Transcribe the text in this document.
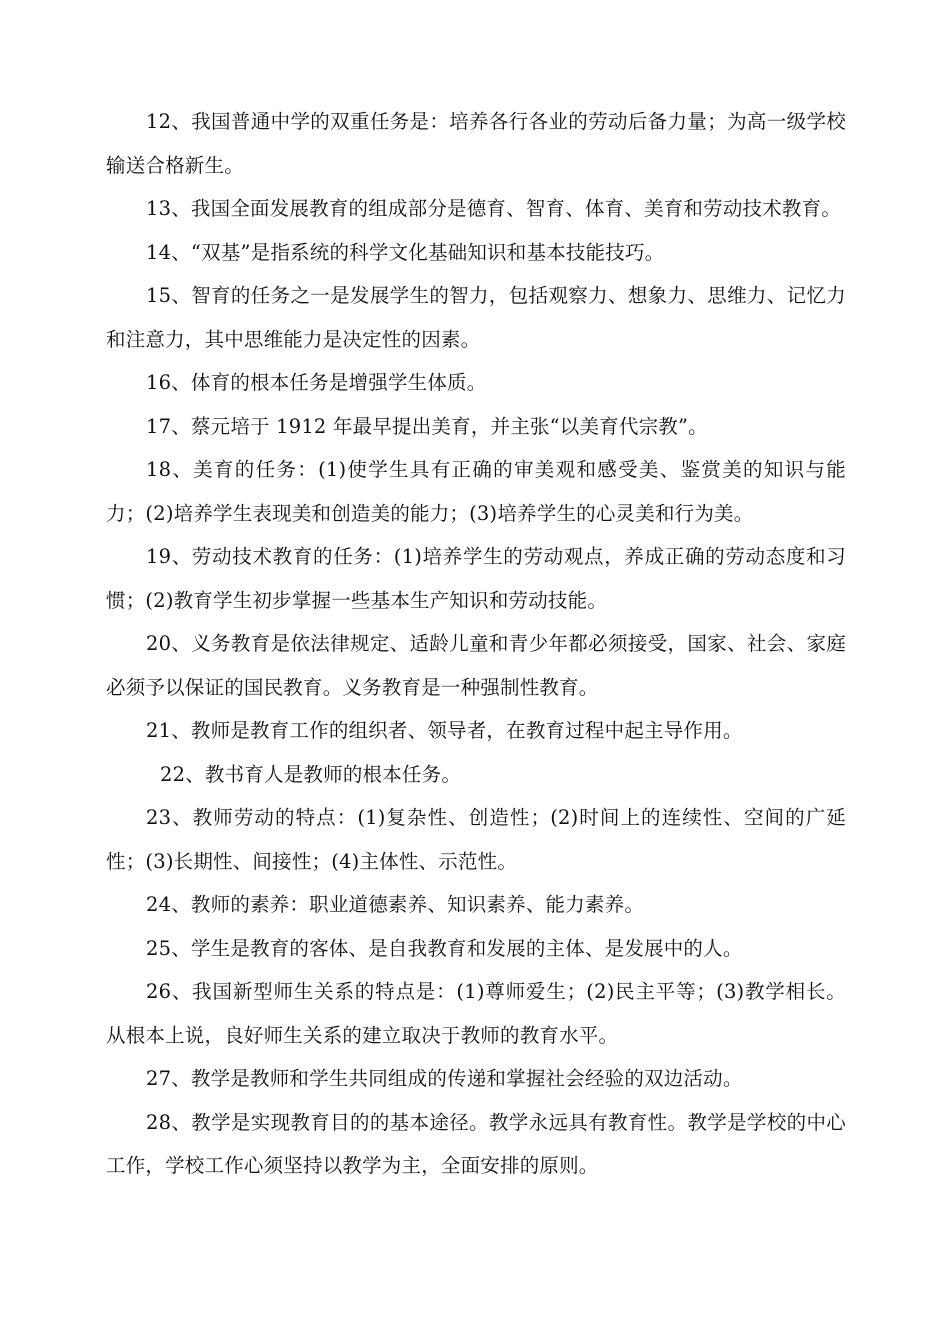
12、我国普通中学的双重任务是：培养各行各业的劳动后备力量；为高一级学校输送合格新生。

13、我国全面发展教育的组成部分是德育、智育、体育、美育和劳动技术教育。

14、“双基”是指系统的科学文化基础知识和基本技能技巧。

15、智育的任务之一是发展学生的智力，包括观察力、想象力、思维力、记忆力和注意力，其中思维能力是决定性的因素。

16、体育的根本任务是增强学生体质。

17、蔡元培于 1912 年最早提出美育，并主张“以美育代宗教”。

18、美育的任务：(1)使学生具有正确的审美观和感受美、鉴赏美的知识与能力；(2)培养学生表现美和创造美的能力；(3)培养学生的心灵美和行为美。

19、劳动技术教育的任务：(1)培养学生的劳动观点，养成正确的劳动态度和习惯；(2)教育学生初步掌握一些基本生产知识和劳动技能。

20、义务教育是依法律规定、适龄儿童和青少年都必须接受，国家、社会、家庭必须予以保证的国民教育。义务教育是一种强制性教育。

21、教师是教育工作的组织者、领导者，在教育过程中起主导作用。

22、教书育人是教师的根本任务。

23、教师劳动的特点：(1)复杂性、创造性；(2)时间上的连续性、空间的广延性；(3)长期性、间接性；(4)主体性、示范性。

24、教师的素养：职业道德素养、知识素养、能力素养。

25、学生是教育的客体、是自我教育和发展的主体、是发展中的人。

26、我国新型师生关系的特点是：(1)尊师爱生；(2)民主平等；(3)教学相长。从根本上说，良好师生关系的建立取决于教师的教育水平。

27、教学是教师和学生共同组成的传递和掌握社会经验的双边活动。

28、教学是实现教育目的的基本途径。教学永远具有教育性。教学是学校的中心工作，学校工作心须坚持以教学为主，全面安排的原则。
